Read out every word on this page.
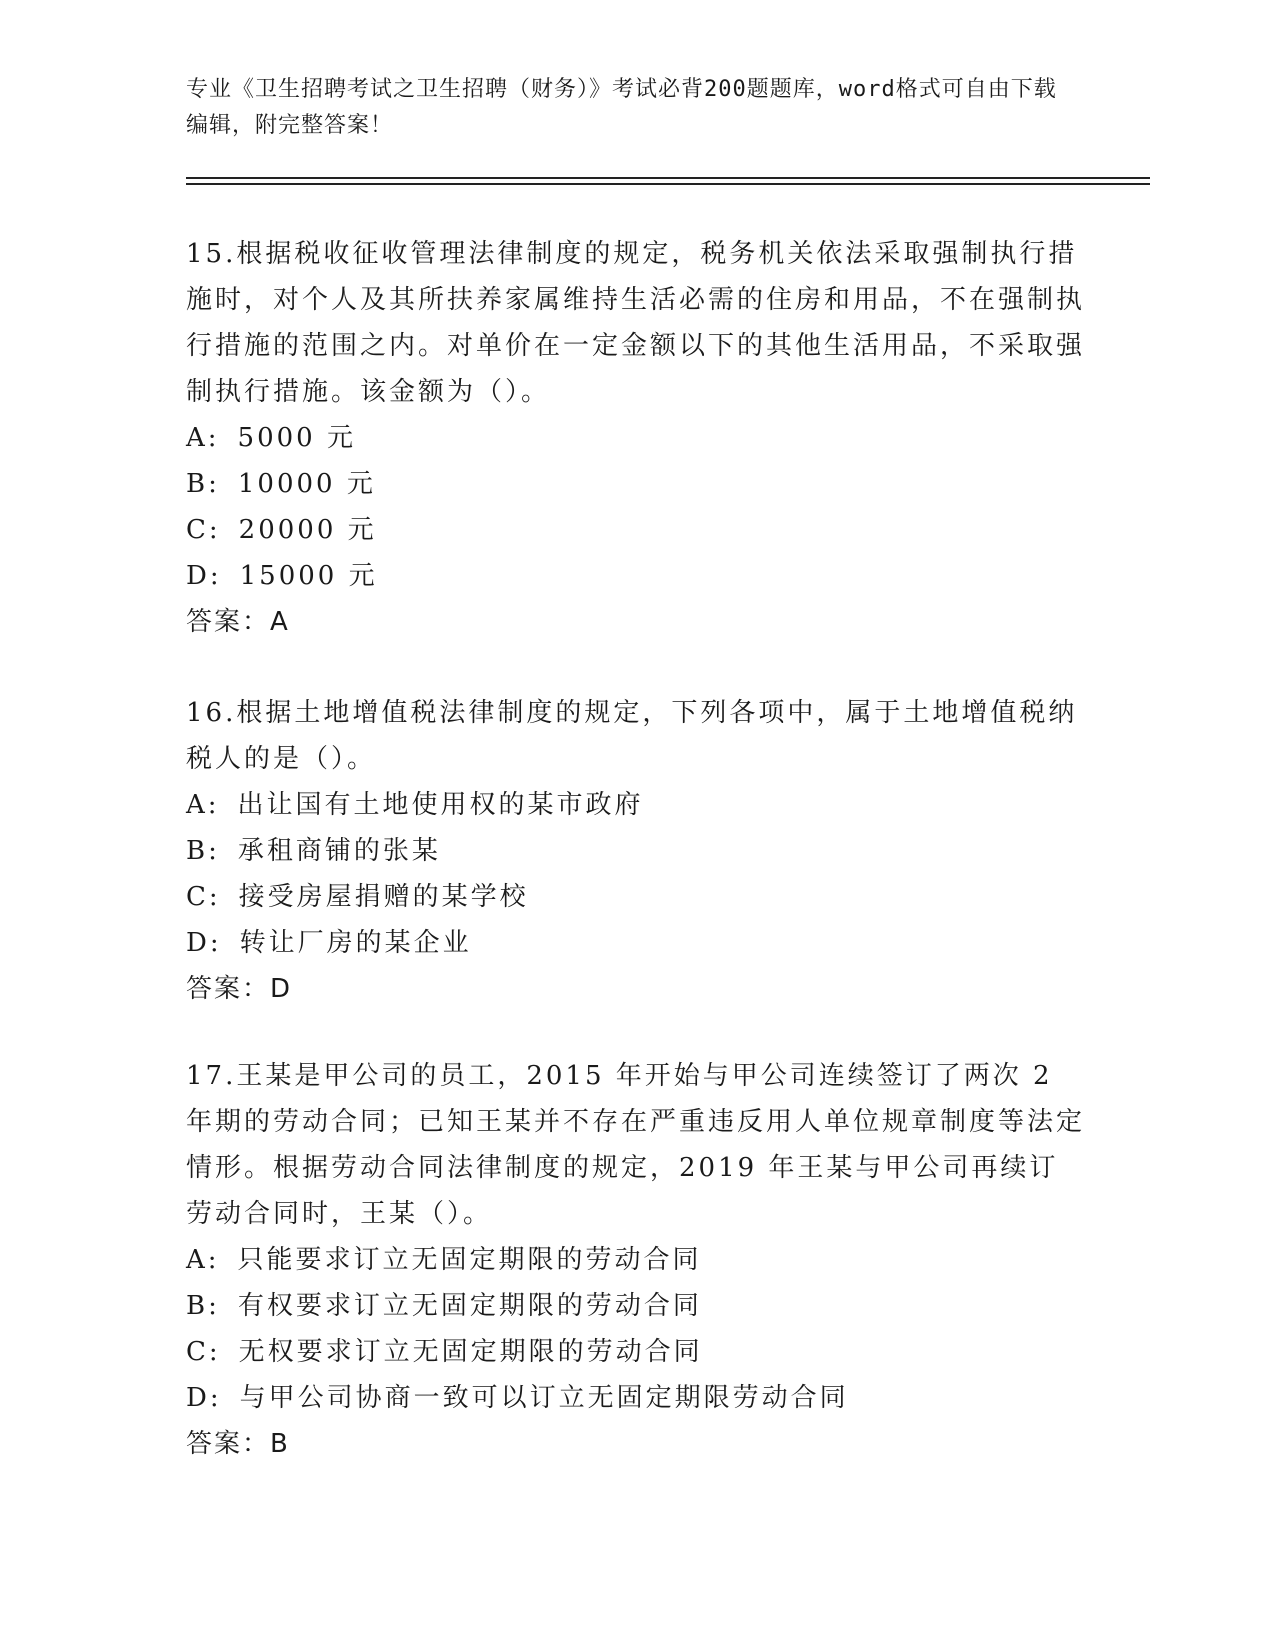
专业《卫生招聘考试之卫生招聘（财务）》考试必背200题题库，word格式可自由下载编辑，附完整答案！

15.根据税收征收管理法律制度的规定，税务机关依法采取强制执行措施时，对个人及其所扶养家属维持生活必需的住房和用品，不在强制执行措施的范围之内。对单价在一定金额以下的其他生活用品，不采取强制执行措施。该金额为（）。

A: 5000 元
B: 10000 元
C: 20000 元
D: 15000 元
答案：A

16.根据土地增值税法律制度的规定，下列各项中，属于土地增值税纳税人的是（）。

A: 出让国有土地使用权的某市政府
B: 承租商铺的张某
C: 接受房屋捐赠的某学校
D: 转让厂房的某企业
答案：D

17.王某是甲公司的员工，2015 年开始与甲公司连续签订了两次 2 年期的劳动合同；已知王某并不存在严重违反用人单位规章制度等法定情形。根据劳动合同法律制度的规定，2019 年王某与甲公司再续订劳动合同时，王某（）。

A: 只能要求订立无固定期限的劳动合同
B: 有权要求订立无固定期限的劳动合同
C: 无权要求订立无固定期限的劳动合同
D: 与甲公司协商一致可以订立无固定期限劳动合同
答案：B
